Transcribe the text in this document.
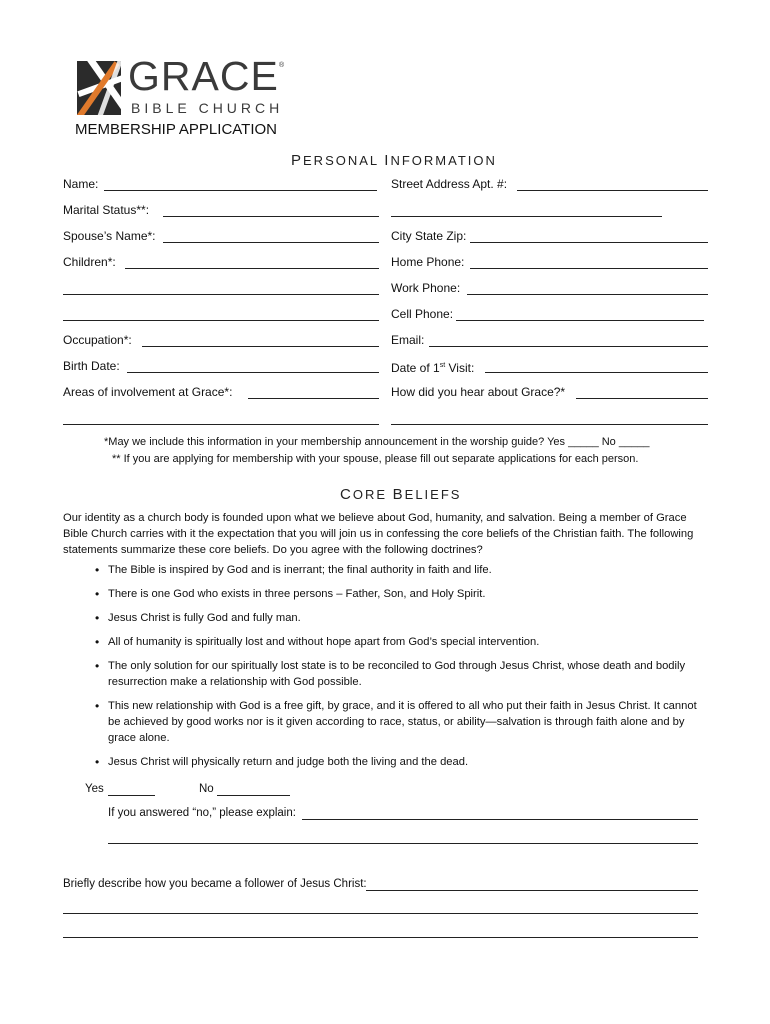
GRACE ®
BIBLE CHURCH
MEMBERSHIP APPLICATION
PERSONAL INFORMATION
Name:
Marital Status**:
Spouse’s Name*:
Children*:
Occupation*:
Birth Date:
Areas of involvement at Grace*:
Street Address Apt. #:
City State Zip:
Home Phone:
Work Phone:
Cell Phone:
Email:
Date of 1st Visit:
How did you hear about Grace?*
*May we include this information in your membership announcement in the worship guide? Yes _____ No _____
** If you are applying for membership with your spouse, please fill out separate applications for each person.
CORE BELIEFS
Our identity as a church body is founded upon what we believe about God, humanity, and salvation. Being a member of Grace Bible Church carries with it the expectation that you will join us in confessing the core beliefs of the Christian faith. The following statements summarize these core beliefs. Do you agree with the following doctrines?
• The Bible is inspired by God and is inerrant; the final authority in faith and life.
• There is one God who exists in three persons – Father, Son, and Holy Spirit.
• Jesus Christ is fully God and fully man.
• All of humanity is spiritually lost and without hope apart from God’s special intervention.
• The only solution for our spiritually lost state is to be reconciled to God through Jesus Christ, whose death and bodily resurrection make a relationship with God possible.
• This new relationship with God is a free gift, by grace, and it is offered to all who put their faith in Jesus Christ. It cannot be achieved by good works nor is it given according to race, status, or ability—salvation is through faith alone and by grace alone.
• Jesus Christ will physically return and judge both the living and the dead.
Yes	No
If you answered “no,” please explain:
Briefly describe how you became a follower of Jesus Christ:
